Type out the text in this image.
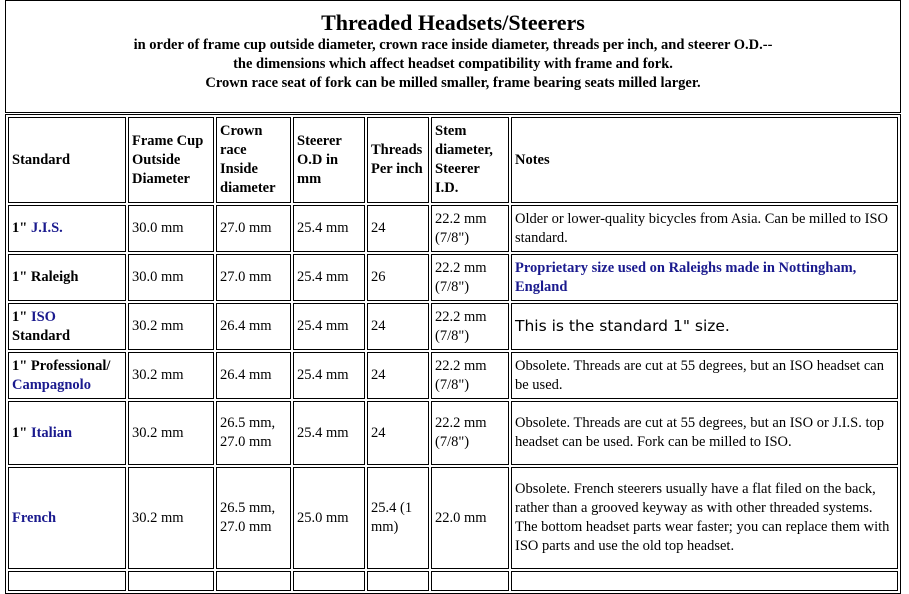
Threaded Headsets/Steerers
in order of frame cup outside diameter, crown race inside diameter, threads per inch, and steerer O.D.--
the dimensions which affect headset compatibility with frame and fork.
Crown race seat of fork can be milled smaller, frame bearing seats milled larger.
Standard	Frame Cup Outside Diameter	Crown race Inside diameter	Steerer O.D in mm	Threads Per inch	Stem diameter, Steerer I.D.	Notes
1" J.I.S.	30.0 mm	27.0 mm	25.4 mm	24	22.2 mm (7/8")	Older or lower-quality bicycles from Asia. Can be milled to ISO standard.
1" Raleigh	30.0 mm	27.0 mm	25.4 mm	26	22.2 mm (7/8")	Proprietary size used on Raleighs made in Nottingham, England
1" ISO
Standard	30.2 mm	26.4 mm	25.4 mm	24	22.2 mm (7/8")	This is the standard 1" size.
1" Professional/
Campagnolo	30.2 mm	26.4 mm	25.4 mm	24	22.2 mm (7/8")	Obsolete. Threads are cut at 55 degrees, but an ISO headset can be used.
1" Italian	30.2 mm	26.5 mm, 27.0 mm	25.4 mm	24	22.2 mm (7/8")	Obsolete. Threads are cut at 55 degrees, but an ISO or J.I.S. top headset can be used. Fork can be milled to ISO.
French	30.2 mm	26.5 mm, 27.0 mm	25.0 mm	25.4 (1 mm)	22.0 mm	Obsolete. French steerers usually have a flat filed on the back, rather than a grooved keyway as with other threaded systems. The bottom headset parts wear faster; you can replace them with ISO parts and use the old top headset.
